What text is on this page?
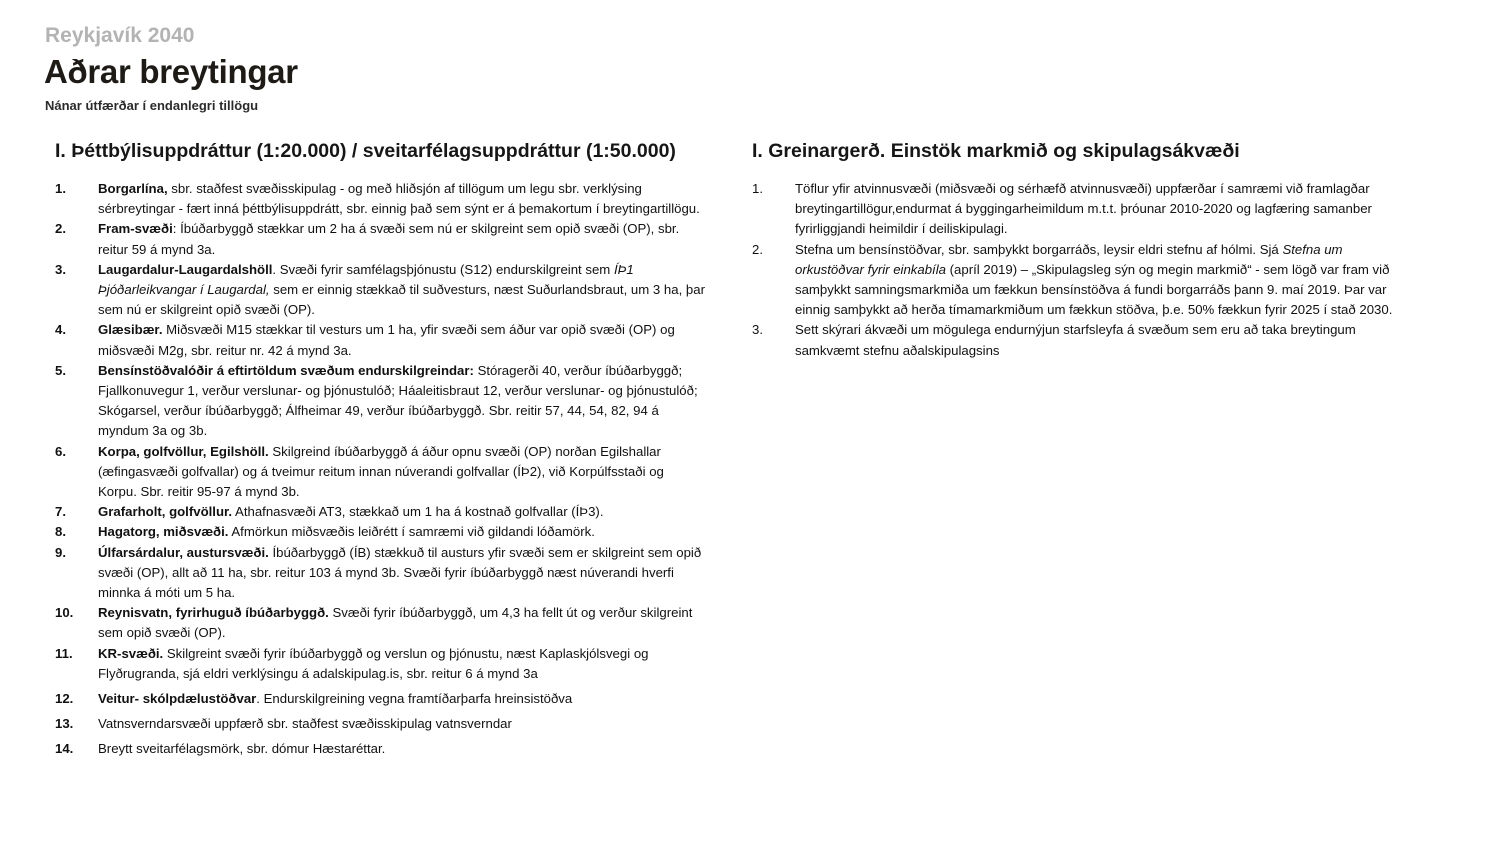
Reykjavík 2040
Aðrar breytingar
Nánar útfærðar í endanlegri tillögu
I. Þéttbýlisuppdráttur (1:20.000) / sveitarfélagsuppdráttur (1:50.000)
1.	Borgarlína, sbr. staðfest svæðisskipulag - og með hliðsjón af tillögum um legu sbr. verklýsing sérbreytingar - fært inná þéttbýlisuppdrátt, sbr. einnig það sem sýnt er á þemakortum í breytingartillögu.
2.	Fram-svæði: Íbúðarbyggð stækkar um 2 ha á svæði sem nú er skilgreint sem opið svæði (OP), sbr. reitur 59 á mynd 3a.
3.	Laugardalur-Laugardalshöll. Svæði fyrir samfélagsþjónustu (S12) endurskilgreint sem ÍÞ1 Þjóðarleikvangar í Laugardal, sem er einnig stækkað til suðvesturs, næst Suðurlandsbraut, um 3 ha, þar sem nú er skilgreint opið svæði (OP).
4.	Glæsibær. Miðsvæði M15 stækkar til vesturs um 1 ha, yfir svæði sem áður var opið svæði (OP) og miðsvæði M2g, sbr. reitur nr. 42 á mynd 3a.
5.	Bensínstöðvalóðir á eftirtöldum svæðum endurskilgreindar: Stóragerði 40, verður íbúðarbyggð; Fjallkonuvegur 1, verður verslunar- og þjónustulóð; Háaleitisbraut 12, verður verslunar- og þjónustulóð; Skógarsel, verður íbúðarbyggð; Álfheimar 49, verður íbúðarbyggð. Sbr. reitir 57, 44, 54, 82, 94 á myndum 3a og 3b.
6.	Korpa, golfvöllur, Egilshöll. Skilgreind íbúðarbyggð á áður opnu svæði (OP) norðan Egilshallar (æfingasvæði golfvallar) og á tveimur reitum innan núverandi golfvallar (ÍÞ2), við Korpúlfsstaði og Korpu. Sbr. reitir 95-97 á mynd 3b.
7.	Grafarholt, golfvöllur. Athafnasvæði AT3, stækkað um 1 ha á kostnað golfvallar (ÍÞ3).
8.	Hagatorg, miðsvæði. Afmörkun miðsvæðis leiðrétt í samræmi við gildandi lóðamörk.
9.	Úlfarsárdalur, austursvæði. Íbúðarbyggð (ÍB) stækkuð til austurs yfir svæði sem er skilgreint sem opið svæði (OP), allt að 11 ha, sbr. reitur 103 á mynd 3b. Svæði fyrir íbúðarbyggð næst núverandi hverfi minnka á móti um 5 ha.
10.	Reynisvatn, fyrirhuguð íbúðarbyggð. Svæði fyrir íbúðarbyggð, um 4,3 ha fellt út og verður skilgreint sem opið svæði (OP).
11.	KR-svæði. Skilgreint svæði fyrir íbúðarbyggð og verslun og þjónustu, næst Kaplaskjólsvegi og Flyðrugranda, sjá eldri verklýsingu á adalskipulag.is, sbr. reitur 6 á mynd 3a
12.	Veitur- skólpdælustöðvar. Endurskilgreining vegna framtíðarþarfa hreinsistöðva
13.	Vatnsverndarsvæði uppfærð sbr. staðfest svæðisskipulag vatnsverndar
14.	Breytt sveitarfélagsmörk, sbr. dómur Hæstaréttar.
I. Greinargerð. Einstök markmið og skipulagsákvæði
1.	Töflur yfir atvinnusvæði (miðsvæði og sérhæfð atvinnusvæði) uppfærðar í samræmi við framlagðar breytingartillögur,endurmat á byggingarheimildum m.t.t. þróunar 2010-2020 og lagfæring samanber fyrirliggjandi heimildir í deiliskipulagi.
2.	Stefna um bensínstöðvar, sbr. samþykkt borgarráðs, leysir eldri stefnu af hólmi. Sjá Stefna um orkustöðvar fyrir einkabíla (apríl 2019) – „Skipulagsleg sýn og megin markmið“ - sem lögð var fram við samþykkt samningsmarkmiða um fækkun bensínstöðva á fundi borgarráðs þann 9. maí 2019. Þar var einnig samþykkt að herða tímamarkmiðum um fækkun stöðva, þ.e. 50% fækkun fyrir 2025 í stað 2030.
3.	Sett skýrari ákvæði um mögulega endurnýjun starfsleyfa á svæðum sem eru að taka breytingum samkvæmt stefnu aðalskipulagsins
